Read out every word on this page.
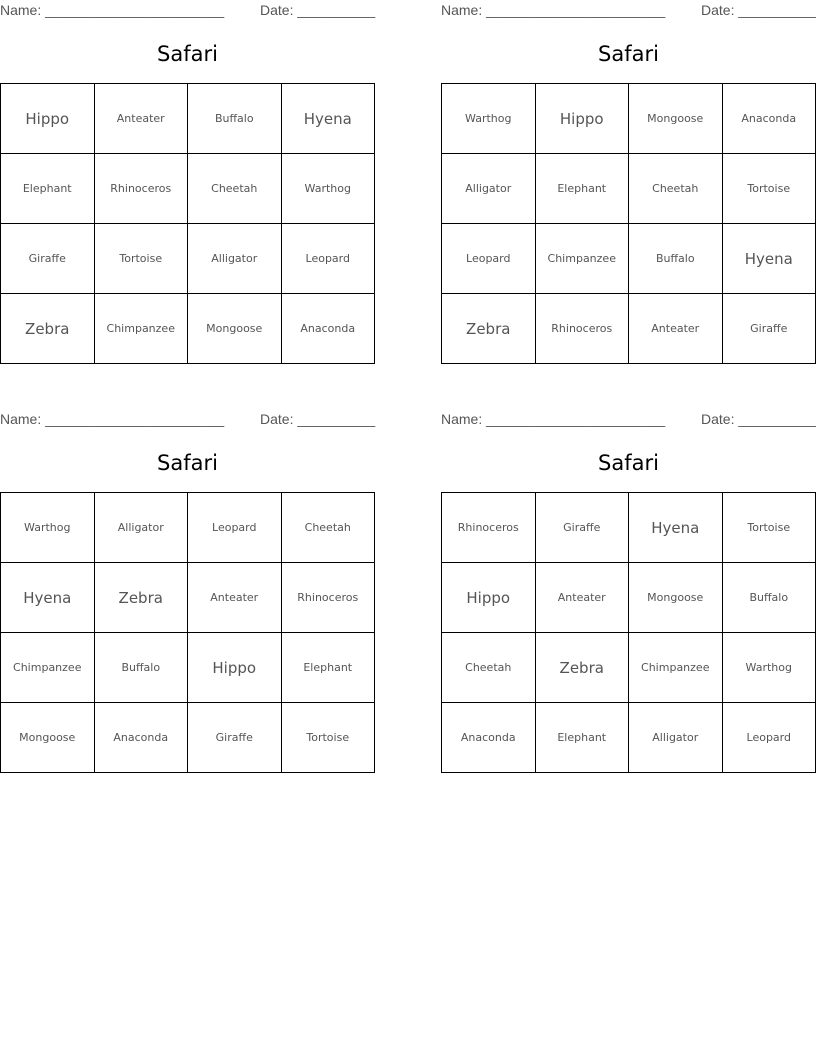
Name: _______________________	Date: __________
Safari
Hippo	Anteater	Buffalo	Hyena
Elephant	Rhinoceros	Cheetah	Warthog
Giraffe	Tortoise	Alligator	Leopard
Zebra	Chimpanzee	Mongoose	Anaconda
Name: _______________________	Date: __________
Safari
Warthog	Hippo	Mongoose	Anaconda
Alligator	Elephant	Cheetah	Tortoise
Leopard	Chimpanzee	Buffalo	Hyena
Zebra	Rhinoceros	Anteater	Giraffe
Name: _______________________	Date: __________
Safari
Warthog	Alligator	Leopard	Cheetah
Hyena	Zebra	Anteater	Rhinoceros
Chimpanzee	Buffalo	Hippo	Elephant
Mongoose	Anaconda	Giraffe	Tortoise
Name: _______________________	Date: __________
Safari
Rhinoceros	Giraffe	Hyena	Tortoise
Hippo	Anteater	Mongoose	Buffalo
Cheetah	Zebra	Chimpanzee	Warthog
Anaconda	Elephant	Alligator	Leopard
